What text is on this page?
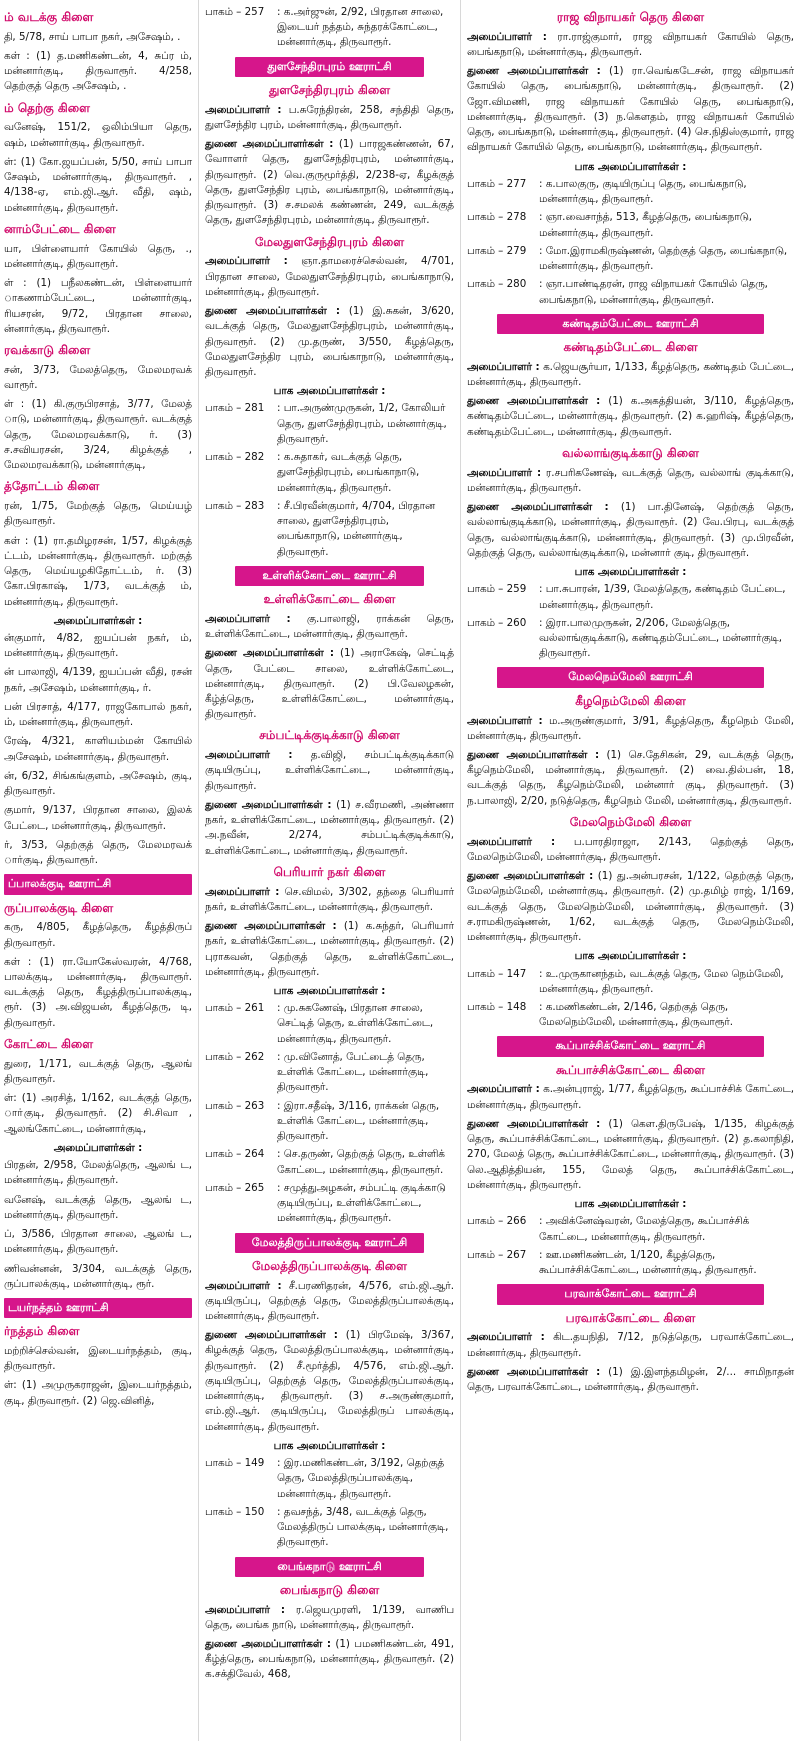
ம் வடக்கு கிளை
தி, 5/78, சாய் பாபா நகர், அசேஷம், .
கள் : (1) த.மணிகண்டன், 4, சுப்ர ம், மன்னார்குடி, திருவாரூர். 4/258, தெற்குத் தெரு அசேஷம், .
ம் தெற்கு கிளை
வனேஷ், 151/2, ஒலிம்பியா தெரு, ஷம், மன்னார்குடி, திருவாரூர்.
ள்: (1) கோ.ஜயப்பன், 5/50, சாய் பாபா சேஷம், மன்னார்குடி, திருவாரூர். , 4/138-ஏ, எம்.ஜி.ஆர். வீதி, ஷம், மன்னார்குடி, திருவாரூர்.
னாம்பேட்டை கிளை
யா, பிள்ளையார் கோயில் தெரு, ., மன்னார்குடி, திருவாரூர்.
ள் : (1) பநீலகண்டன், பிள்ளையார் ாகணாம்பேட்டை, மன்னார்குடி, ரியசரன், 9/72, பிரதான சாலை, ன்னார்குடி, திருவாரூர்.
ரவக்காடு கிளை
சன், 3/73, மேலத்தெரு, மேலமரவக் வாரூர்.
ள் : (1) கி.குருபிரசாத், 3/77, மேலத் ாடு, மன்னார்குடி, திருவாரூர். வடக்குத் தெரு, மேலமரவக்காடு, ர். (3) ச.சவியரசன், 3/24, கிழக்குத் , மேலமரவக்காடு, மன்னார்குடி,
த்தோட்டம் கிளை
ரன், 1/75, மேற்குத் தெரு, மெய்யழ் திருவாரூர்.
கள் : (1) ரா.தமிழரசன், 1/57, கிழக்குத் ட்டம், மன்னார்குடி, திருவாரூர். மற்குத் தெரு, மெய்யழகிதோட்டம், ர். (3) கோ.பிரகாஷ், 1/73, வடக்குத் ம், மன்னார்குடி, திருவாரூர்.
அமைப்பாளர்கள் :
ன்குமார், 4/82, ஐயப்பன் நகர், ம், மன்னார்குடி, திருவாரூர்.
ன் பாலாஜி, 4/139, ஐயப்பன் வீதி, ரசன் நகர், அசேஷம், மன்னார்குடி, ர்.
பன் பிரசாத், 4/177, ராஜகோபால் நகர், ம், மன்னார்குடி, திருவாரூர்.
ரேஷ், 4/321, காளியம்மன் கோயில் அசேஷம், மன்னார்குடி, திருவாரூர்.
ன், 6/32, சிங்கங்குளம், அசேஷம், குடி, திருவாரூர்.
குமார், 9/137, பிரதான சாலை, இலக் பேட்டை, மன்னார்குடி, திருவாரூர்.
ர், 3/53, தெற்குத் தெரு, மேலமரவக் ார்குடி, திருவாரூர்.
ப்பாலக்குடி ஊராட்சி
ருப்பாலக்குடி கிளை
கரு, 4/805, கீழத்தெரு, கீழத்திருப் திருவாரூர்.
கள் : (1) ரா.யோகேஸ்வரன், 4/768, பாலக்குடி, மன்னார்குடி, திருவாரூர். வடக்குத் தெரு, கீழத்திருப்பாலக்குடி, ரூர். (3) அ.விஜயன், கீழத்தெரு, டி, திருவாரூர்.
கோட்டை கிளை
துரை, 1/171, வடக்குத் தெரு, ஆலங் திருவாரூர்.
ள்: (1) அரசித், 1/162, வடக்குத் தெரு, ாா்குடி, திருவாரூர். (2) சி.சிவா , ஆலங்கோட்டை, மன்னார்குடி,
அமைப்பாளர்கள் :
பிரதன், 2/958, மேலத்தெரு, ஆலங் ட, மன்னார்குடி, திருவாரூர்.
வனேஷ், வடக்குத் தெரு, ஆலங் ட, மன்னார்குடி, திருவாரூர்.
ப், 3/586, பிரதான சாலை, ஆலங் ட, மன்னார்குடி, திருவாரூர்.
ணிவன்னன், 3/304, வடக்குத் தெரு, ருப்பாலக்குடி, மன்னார்குடி, ரூர்.
டயர்நத்தம் ஊராட்சி
ர்நத்தம் கிளை
மற்றிச்செல்வன், இடையர்நத்தம், குடி, திருவாரூர்.
ள்: (1) அமுருகராஜன், இடையர்நத்தம், குடி, திருவாரூர். (2) ஜெ.வினித்,
பாகம் – 257	: க.அர்ஜுன், 2/92, பிரதான சாலை, இடையர் நத்தம், சுந்தரக்கோட்டை, மன்னார்குடி, திருவாரூர்.
துளசேந்திரபுரம் ஊராட்சி
துளசேந்திரபுரம் கிளை
அமைப்பாளர் : ப.சுரேந்திரன், 258, சந்திதி தெரு, துளசேந்திர புரம், மன்னார்குடி, திருவாரூர்.
துணை அமைப்பாளர்கள் : (1) பாரஜகண்ணன், 67, வோாளர் தெரு, துளசேந்திரபுரம், மன்னார்குடி, திருவாரூர். (2) வெ.குருமூர்த்தி, 2/238-ஏ, கீழக்குத் தெரு, துளசேந்திர புரம், பைங்காநாடு, மன்னார்குடி, திருவாரூர். (3) ச.சமலக் கண்ணன், 249, வடக்குத் தெரு, துளசேந்திரபுரம், மன்னார்குடி, திருவாரூர்.
மேலதுளசேந்திரபுரம் கிளை
அமைப்பாளர் : ஞா.தாமரைச்செல்வன், 4/701, பிரதான சாலை, மேலதுளசேந்திரபுரம், பைங்காநாடு, மன்னார்குடி, திருவாரூர்.
துணை அமைப்பாளர்கள் : (1) இ.சுகன், 3/620, வடக்குத் தெரு, மேலதுளசேந்திரபுரம், மன்னார்குடி, திருவாரூர். (2) மு.தருண், 3/550, கீழத்தெரு, மேலதுளசேந்திர புரம், பைங்காநாடு, மன்னார்குடி, திருவாரூர்.
பாக அமைப்பாளர்கள் :
பாகம் – 281	: பா.அருண்முருகன், 1/2, கோலியர் தெரு, துளசேந்திரபுரம், மன்னார்குடி, திருவாரூர்.
பாகம் – 282	: க.சுதாகர், வடக்குத் தெரு, துளசேந்திரபுரம், பைங்காநாடு, மன்னார்குடி, திருவாரூர்.
பாகம் – 283	: சீ.பிரவீன்குமார், 4/704, பிரதான சாலை, துளசேந்திரபுரம், பைங்காநாடு, மன்னார்குடி, திருவாரூர்.
உள்ளிக்கோட்டை ஊராட்சி
உள்ளிக்கோட்டை கிளை
அமைப்பாளர் : கு.பாலாஜி, ராக்கன் தெரு, உள்ளிக்கோட்டை, மன்னார்குடி, திருவாரூர்.
துணை அமைப்பாளர்கள் : (1) அராகேஷ், செட்டித் தெரு, பேட்டை சாலை, உள்ளிக்கோட்டை, மன்னார்குடி, திருவாரூர். (2) பி.வேலழகன், கீழ்த்தெரு, உள்ளிக்கோட்டை, மன்னார்குடி, திருவாரூர்.
சம்பட்டிக்குடிக்காடு கிளை
அமைப்பாளர் : த.விஜி, சம்பட்டிக்குடிக்காடு குடியிருப்பு, உள்ளிக்கோட்டை, மன்னார்குடி, திருவாரூர்.
துணை அமைப்பாளர்கள் : (1) ச.வீரமணி, அண்ணா நகர், உள்ளிக்கோட்டை, மன்னார்குடி, திருவாரூர். (2) அ.நவீன், 2/274, சம்பட்டிக்குடிக்காடு, உள்ளிக்கோட்டை, மன்னார்குடி, திருவாரூர்.
பெரியார் நகர் கிளை
அமைப்பாளர் : செ.விமல், 3/302, தந்தை பெரியார் நகர், உள்ளிக்கோட்டை, மன்னார்குடி, திருவாரூர்.
துணை அமைப்பாளர்கள் : (1) க.சுந்தர், பெரியார் நகர், உள்ளிக்கோட்டை, மன்னார்குடி, திருவாரூர். (2) புராகவன், தெற்குத் தெரு, உள்ளிக்கோட்டை, மன்னார்குடி, திருவாரூர்.
பாக அமைப்பாளர்கள் :
பாகம் – 261	: மு.சுகணேஷ், பிரதான சாலை, செட்டித் தெரு, உள்ளிக்கோட்டை, மன்னார்குடி, திருவாரூர்.
பாகம் – 262	: மு.வினோத், பேட்டைத் தெரு, உள்ளிக் கோட்டை, மன்னார்குடி, திருவாரூர்.
பாகம் – 263	: இரா.சதீஷ், 3/116, ராக்கன் தெரு, உள்ளிக் கோட்டை, மன்னார்குடி, திருவாரூர்.
பாகம் – 264	: செ.தருண், தெற்குத் தெரு, உள்ளிக் கோட்டை, மன்னார்குடி, திருவாரூர்.
பாகம் – 265	: சமுத்துஅழகன், சம்பட்டி குடிக்காடு குடியிருப்பு, உள்ளிக்கோட்டை, மன்னார்குடி, திருவாரூர்.
மேலத்திருப்பாலக்குடி ஊராட்சி
மேலத்திருப்பாலக்குடி கிளை
அமைப்பாளர் : சீ.பரணிதரன், 4/576, எம்.ஜி.ஆர். குடியிருப்பு, தெற்குத் தெரு, மேலத்திருப்பாலக்குடி, மன்னார்குடி, திருவாரூர்.
துணை அமைப்பாளர்கள் : (1) பிரமேஷ், 3/367, கிழக்குத் தெரு, மேலத்திருப்பாலக்குடி, மன்னார்குடி, திருவாரூர். (2) சீ.மூர்த்தி, 4/576, எம்.ஜி.ஆர். குடியிருப்பு, தெற்குத் தெரு, மேலத்திருப்பாலக்குடி, மன்னார்குடி, திருவாரூர். (3) ச.அருண்குமார், எம்.ஜி.ஆர். குடியிருப்பு, மேலத்திருப் பாலக்குடி, மன்னார்குடி, திருவாரூர்.
பாக அமைப்பாளர்கள் :
பாகம் – 149	: இர.மணிகண்டன், 3/192, தெற்குத் தெரு, மேலத்திருப்பாலக்குடி, மன்னார்குடி, திருவாரூர்.
பாகம் – 150	: தவசந்த், 3/48, வடக்குத் தெரு, மேலத்திருப் பாலக்குடி, மன்னார்குடி, திருவாரூர்.
பைங்கநாடு ஊராட்சி
பைங்கநாடு கிளை
அமைப்பாளர் : ர.ஜெயமுரளி, 1/139, வாணிப தெரு, பைங்க நாடு, மன்னார்குடி, திருவாரூர்.
துணை அமைப்பாளர்கள் : (1) பமணிகண்டன், 491, கீழ்த்தெரு, பைங்கநாடு, மன்னார்குடி, திருவாரூர். (2) க.சக்திவேல், 468,
ராஜ விநாயகர் தெரு கிளை
அமைப்பாளர் : ரா.ராஜ்குமார், ராஜ விநாயகர் கோயில் தெரு, பைங்கநாடு, மன்னார்குடி, திருவாரூர்.
துணை அமைப்பாளர்கள் : (1) ரா.வெங்கடேசன், ராஜ விநாயகர் கோயில் தெரு, பைங்கநாடு, மன்னார்குடி, திருவாரூர். (2) ஜோ.விமணி, ராஜ விநாயகர் கோயில் தெரு, பைங்கநாடு, மன்னார்குடி, திருவாரூர். (3) ந.கௌதம், ராஜ விநாயகர் கோயில் தெரு, பைங்கநாடு, மன்னார்குடி, திருவாரூர். (4) செ.நிதிஸ்குமார், ராஜ விநாயகர் கோயில் தெரு, பைங்கநாடு, மன்னார்குடி, திருவாரூர்.
பாக அமைப்பாளர்கள் :
பாகம் – 277	: க.பாலகுரு, குடியிருப்பு தெரு, பைங்கநாடு, மன்னார்குடி, திருவாரூர்.
பாகம் – 278	: ஞா.வைசாந்த், 513, கீழத்தெரு, பைங்கநாடு, மன்னார்குடி, திருவாரூர்.
பாகம் – 279	: மோ.இராமகிருஷ்ணன், தெற்குத் தெரு, பைங்கநாடு, மன்னார்குடி, திருவாரூர்.
பாகம் – 280	: ஞா.பாண்டிதரன், ராஜ விநாயகர் கோயில் தெரு, பைங்கநாடு, மன்னார்குடி, திருவாரூர்.
கண்டிதம்பேட்டை ஊராட்சி
கண்டிதம்பேட்டை கிளை
அமைப்பாளர் : க.ஜெயசூர்யா, 1/133, கீழத்தெரு, கண்டிதம் பேட்டை, மன்னார்குடி, திருவாரூர்.
துணை அமைப்பாளர்கள் : (1) க.அகத்தியன், 3/110, கீழத்தெரு, கண்டிதம்பேட்டை, மன்னார்குடி, திருவாரூர். (2) க.ஹரிஷ், கீழத்தெரு, கண்டிதம்பேட்டை, மன்னார்குடி, திருவாரூர்.
வல்லாங்குடிக்காடு கிளை
அமைப்பாளர் : ர.சபரிகணேஷ், வடக்குத் தெரு, வல்லாங் குடிக்காடு, மன்னார்குடி, திருவாரூர்.
துணை அமைப்பாளர்கள் : (1) பா.தினேஷ், தெற்குத் தெரு, வல்லாங்குடிக்காடு, மன்னார்குடி, திருவாரூர். (2) வே.பிரபு, வடக்குத் தெரு, வல்லாங்குடிக்காடு, மன்னார்குடி, திருவாரூர். (3) மு.பிரவீன், தெற்குத் தெரு, வல்லாங்குடிக்காடு, மன்னார் குடி, திருவாரூர்.
பாக அமைப்பாளர்கள் :
பாகம் – 259	: பா.சுபாரன், 1/39, மேலத்தெரு, கண்டிதம் பேட்டை, மன்னார்குடி, திருவாரூர்.
பாகம் – 260	: இரா.பாலமுருகன், 2/206, மேலத்தெரு, வல்லாங்குடிக்காடு, கண்டிதம்பேட்டை, மன்னார்குடி, திருவாரூர்.
மேலநெம்மேலி ஊராட்சி
கீழநெம்மேலி கிளை
அமைப்பாளர் : ம.அருண்குமார், 3/91, கீழத்தெரு, கீழநெம் மேலி, மன்னார்குடி, திருவாரூர்.
துணை அமைப்பாளர்கள் : (1) செ.தேசிகன், 29, வடக்குத் தெரு, கீழநெம்மேலி, மன்னார்குடி, திருவாரூர். (2) வை.தில்பன், 18, வடக்குத் தெரு, கீழநெம்மேலி, மன்னார் குடி, திருவாரூர். (3) ந.பாலாஜி, 2/20, நடுத்தெரு, கீழநெம் மேலி, மன்னார்குடி, திருவாரூர்.
மேலநெம்மேலி கிளை
அமைப்பாளர் : ப.பாரதிராஜா, 2/143, தெற்குத் தெரு, மேலநெம்மேலி, மன்னார்குடி, திருவாரூர்.
துணை அமைப்பாளர்கள் : (1) து.அன்பரசன், 1/122, தெற்குத் தெரு, மேலநெம்மேலி, மன்னார்குடி, திருவாரூர். (2) மு.தமிழ் ராஜ், 1/169, வடக்குத் தெரு, மேலநெம்மேலி, மன்னார்குடி, திருவாரூர். (3) ச.ராமகிருஷ்ணன், 1/62, வடக்குத் தெரு, மேலநெம்மேலி, மன்னார்குடி, திருவாரூர்.
பாக அமைப்பாளர்கள் :
பாகம் – 147	: உ.முருகானந்தம், வடக்குத் தெரு, மேல நெம்மேலி, மன்னார்குடி, திருவாரூர்.
பாகம் – 148	: க.மணிகண்டன், 2/146, தெற்குத் தெரு, மேலநெம்மேலி, மன்னார்குடி, திருவாரூர்.
கூப்பாச்சிக்கோட்டை ஊராட்சி
கூப்பாச்சிக்கோட்டை கிளை
அமைப்பாளர் : க.அன்புராஜ், 1/77, கீழத்தெரு, கூப்பாச்சிக் கோட்டை, மன்னார்குடி, திருவாரூர்.
துணை அமைப்பாளர்கள் : (1) கௌ.திருபேஷ், 1/135, கிழக்குத் தெரு, கூப்பாச்சிக்கோட்டை, மன்னார்குடி, திருவாரூர். (2) த.கலாநிதி, 270, மேலத் தெரு, கூப்பாச்சிக்கோட்டை, மன்னார்குடி, திருவாரூர். (3) லெ.ஆதித்தியன், 155, மேலத் தெரு, கூப்பாச்சிக்கோட்டை, மன்னார்குடி, திருவாரூர்.
பாக அமைப்பாளர்கள் :
பாகம் – 266	: அவிக்னேஷ்வரன், மேலத்தெரு, கூப்பாச்சிக் கோட்டை, மன்னார்குடி, திருவாரூர்.
பாகம் – 267	: ஊ.மணிகண்டன், 1/120, கீழத்தெரு, கூப்பாச்சிக்கோட்டை, மன்னார்குடி, திருவாரூர்.
பரவாக்கோட்டை ஊராட்சி
பரவாக்கோட்டை கிளை
அமைப்பாளர் : கிட.தயநிதி, 7/12, நடுத்தெரு, பரவாக்கோட்டை, மன்னார்குடி, திருவாரூர்.
துணை அமைப்பாளர்கள் : (1) இ.இளந்தமிழன், 2/... சாமிநாதன் தெரு, பரவாக்கோட்டை, மன்னார்குடி, திருவாரூர்.
